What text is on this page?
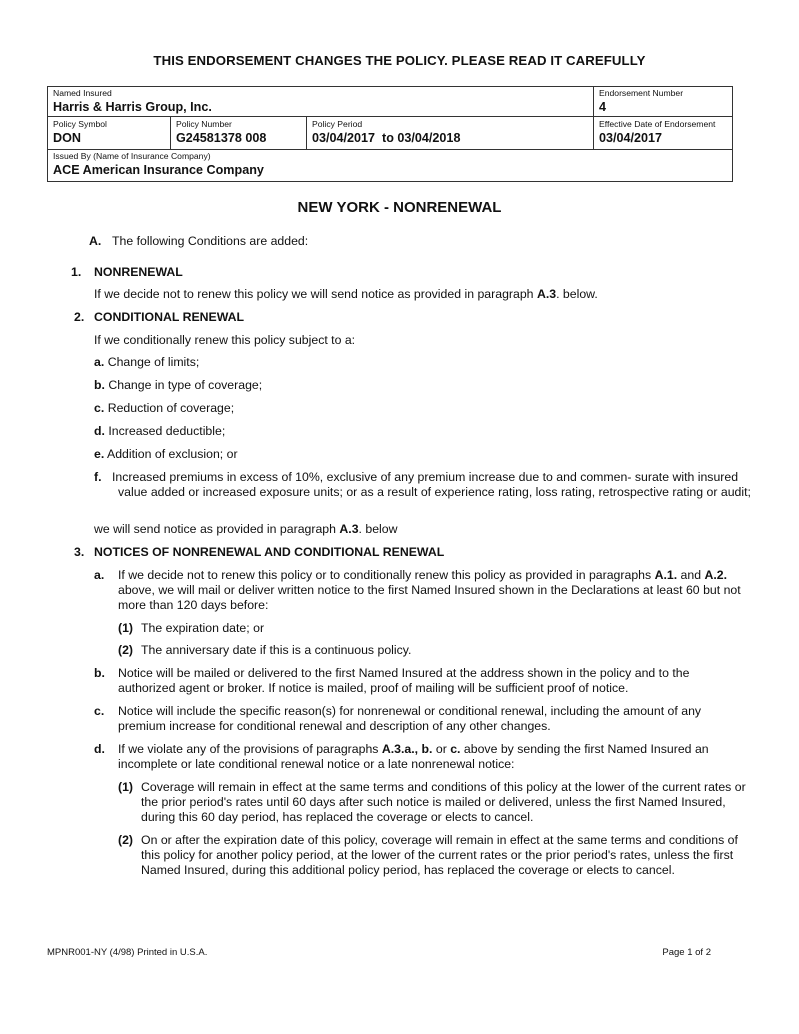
THIS ENDORSEMENT CHANGES THE POLICY. PLEASE READ IT CAREFULLY
Named Insured
Harris & Harris Group, Inc.
Endorsement Number
4
Policy Symbol
DON
Policy Number
G24581378 008
Policy Period
03/04/2017  to 03/04/2018
Effective Date of Endorsement
03/04/2017
Issued By (Name of Insurance Company)
ACE American Insurance Company
NEW YORK - NONRENEWAL
A. The following Conditions are added:
1. NONRENEWAL
If we decide not to renew this policy we will send notice as provided in paragraph A.3. below.
2. CONDITIONAL RENEWAL
If we conditionally renew this policy subject to a:
a. Change of limits;
b. Change in type of coverage;
c. Reduction of coverage;
d. Increased deductible;
e. Addition of exclusion; or
f. Increased premiums in excess of 10%, exclusive of any premium increase due to and commen- surate with insured value added or increased exposure units; or as a result of experience rating, loss rating, retrospective rating or audit;
we will send notice as provided in paragraph A.3. below
3. NOTICES OF NONRENEWAL AND CONDITIONAL RENEWAL
a. If we decide not to renew this policy or to conditionally renew this policy as provided in paragraphs A.1. and A.2. above, we will mail or deliver written notice to the first Named Insured shown in the Declarations at least 60 but not more than 120 days before:
(1) The expiration date; or
(2) The anniversary date if this is a continuous policy.
b. Notice will be mailed or delivered to the first Named Insured at the address shown in the policy and to the authorized agent or broker. If notice is mailed, proof of mailing will be sufficient proof of notice.
c. Notice will include the specific reason(s) for nonrenewal or conditional renewal, including the amount of any premium increase for conditional renewal and description of any other changes.
d. If we violate any of the provisions of paragraphs A.3.a., b. or c. above by sending the first Named Insured an incomplete or late conditional renewal notice or a late nonrenewal notice:
(1) Coverage will remain in effect at the same terms and conditions of this policy at the lower of the current rates or the prior period's rates until 60 days after such notice is mailed or delivered, unless the first Named Insured, during this 60 day period, has replaced the coverage or elects to cancel.
(2) On or after the expiration date of this policy, coverage will remain in effect at the same terms and conditions of this policy for another policy period, at the lower of the current rates or the prior period's rates, unless the first Named Insured, during this additional policy period, has replaced the coverage or elects to cancel.
MPNR001-NY (4/98) Printed in U.S.A.	Page 1 of 2
